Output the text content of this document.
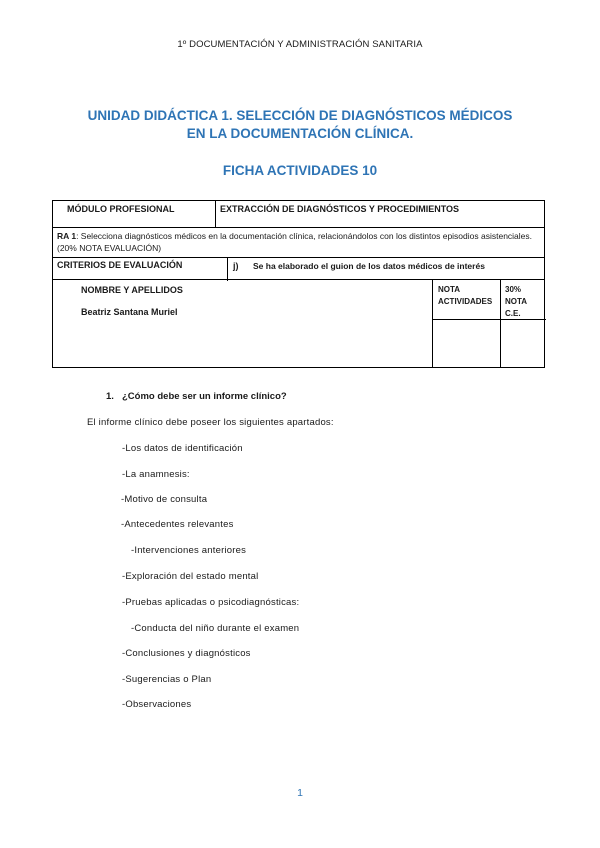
1º DOCUMENTACIÓN Y ADMINISTRACIÓN SANITARIA
UNIDAD DIDÁCTICA 1. SELECCIÓN DE DIAGNÓSTICOS MÉDICOS
EN LA DOCUMENTACIÓN CLÍNICA.
FICHA ACTIVIDADES 10
MÓDULO PROFESIONAL	EXTRACCIÓN DE DIAGNÓSTICOS Y PROCEDIMIENTOS
RA 1: Selecciona diagnósticos médicos en la documentación clínica, relacionándolos con los distintos episodios asistenciales. (20% NOTA EVALUACIÓN)
CRITERIOS DE EVALUACIÓN	j) Se ha elaborado el guion de los datos médicos de interés
NOMBRE Y APELLIDOS
Beatriz Santana Muriel
NOTA
ACTIVIDADES
30%
NOTA
C.E.
1. ¿Cómo debe ser un informe clínico?
El informe clínico debe poseer los siguientes apartados:
-Los datos de identificación
-La anamnesis:
-Motivo de consulta
-Antecedentes relevantes
-Intervenciones anteriores
-Exploración del estado mental
-Pruebas aplicadas o psicodiagnósticas:
-Conducta del niño durante el examen
-Conclusiones y diagnósticos
-Sugerencias o Plan
-Observaciones
1
